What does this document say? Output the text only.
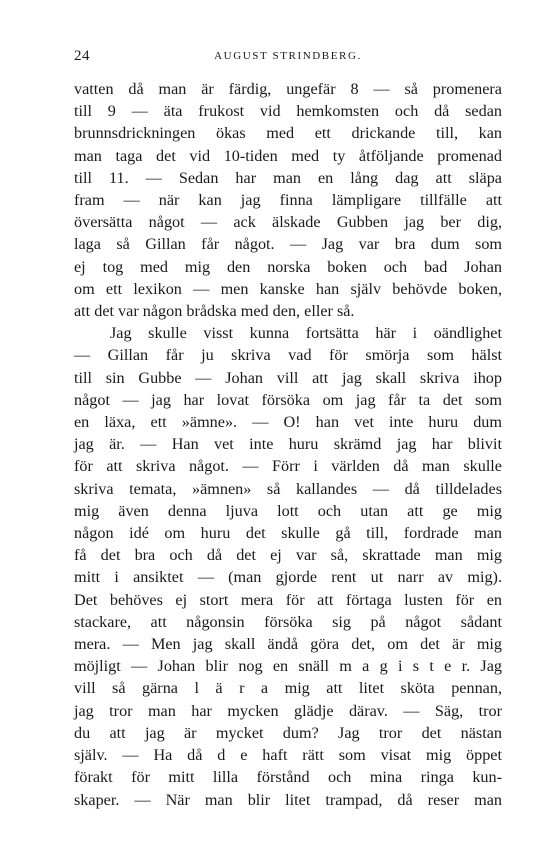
24	AUGUST STRINDBERG.
vatten då man är färdig, ungefär 8 — så promenera
till 9 — äta frukost vid hemkomsten och då sedan
brunnsdrickningen ökas med ett drickande till, kan
man taga det vid 10-tiden med ty åtföljande promenad
till 11. — Sedan har man en lång dag att släpa
fram — när kan jag finna lämpligare tillfälle att
översätta något — ack älskade Gubben jag ber dig,
laga så Gillan får något. — Jag var bra dum som
ej tog med mig den norska boken och bad Johan
om ett lexikon — men kanske han själv behövde boken,
att det var någon brådska med den, eller så.
Jag skulle visst kunna fortsätta här i oändlighet
— Gillan får ju skriva vad för smörja som hälst
till sin Gubbe — Johan vill att jag skall skriva ihop
något — jag har lovat försöka om jag får ta det som
en läxa, ett »ämne». — O! han vet inte huru dum
jag är. — Han vet inte huru skrämd jag har blivit
för att skriva något. — Förr i världen då man skulle
skriva temata, »ämnen» så kallandes — då tilldelades
mig även denna ljuva lott och utan att ge mig
någon idé om huru det skulle gå till, fordrade man
få det bra och då det ej var så, skrattade man mig
mitt i ansiktet — (man gjorde rent ut narr av mig).
Det behöves ej stort mera för att förtaga lusten för en
stackare, att någonsin försöka sig på något sådant
mera. — Men jag skall ändå göra det, om det är mig
möjligt — Johan blir nog en snäll m a g i s t e r. Jag
vill så gärna l ä r a mig att litet sköta pennan,
jag tror man har mycken glädje därav. — Säg, tror
du att jag är mycket dum? Jag tror det nästan
själv. — Ha då d e haft rätt som visat mig öppet
förakt för mitt lilla förstånd och mina ringa kun-
skaper. — När man blir litet trampad, då reser man
